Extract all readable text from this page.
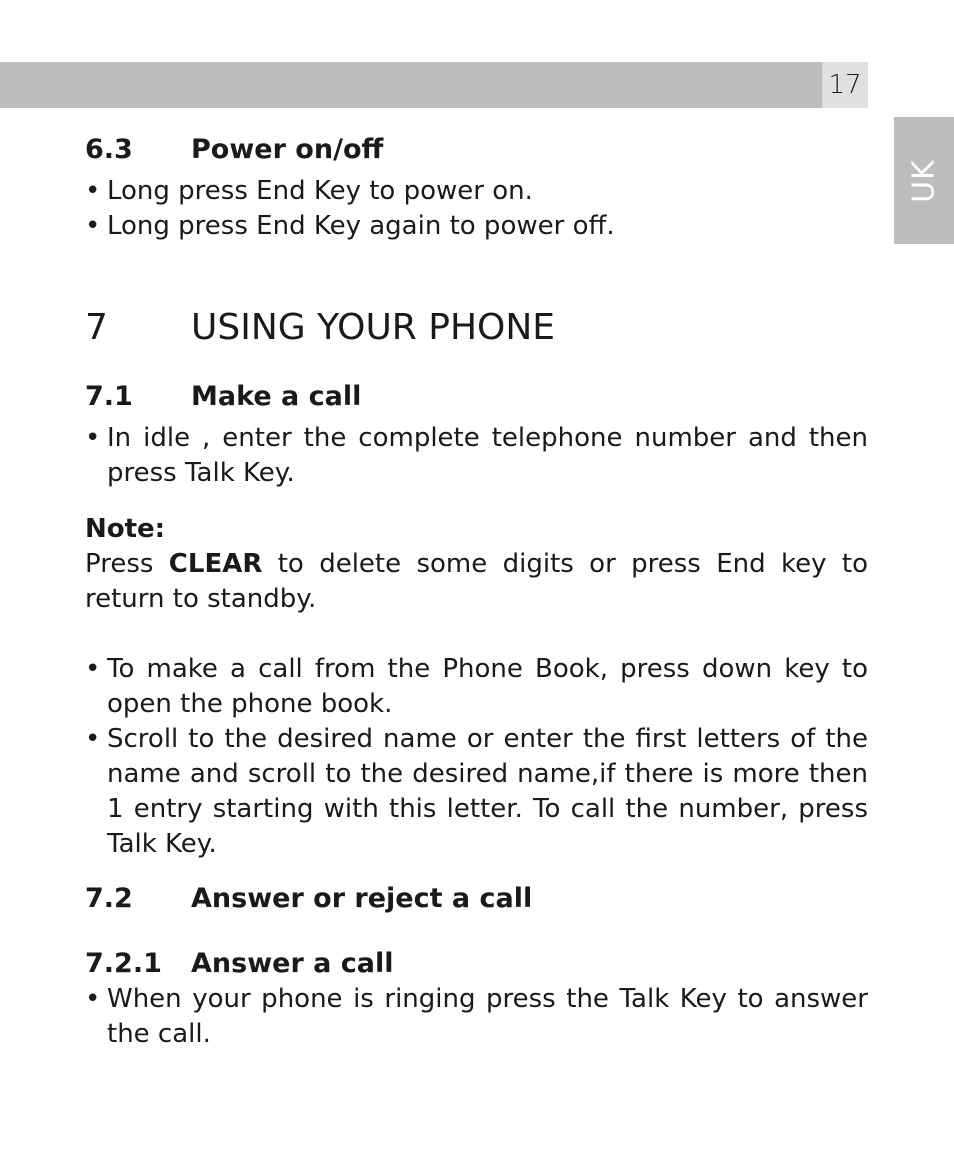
17
UK
6.3 Power on/off
• Long press End Key to power on.
• Long press End Key again to power off.
7 USING YOUR PHONE
7.1 Make a call
• In idle , enter the complete telephone number and then press Talk Key.
Note:
Press CLEAR to delete some digits or press End key to return to standby.
• To make a call from the Phone Book, press down key to open the phone book.
• Scroll to the desired name or enter the first letters of the name and scroll to the desired name,if there is more then 1 entry starting with this letter. To call the number, press Talk Key.
7.2 Answer or reject a call
7.2.1 Answer a call
• When your phone is ringing press the Talk Key to answer the call.
